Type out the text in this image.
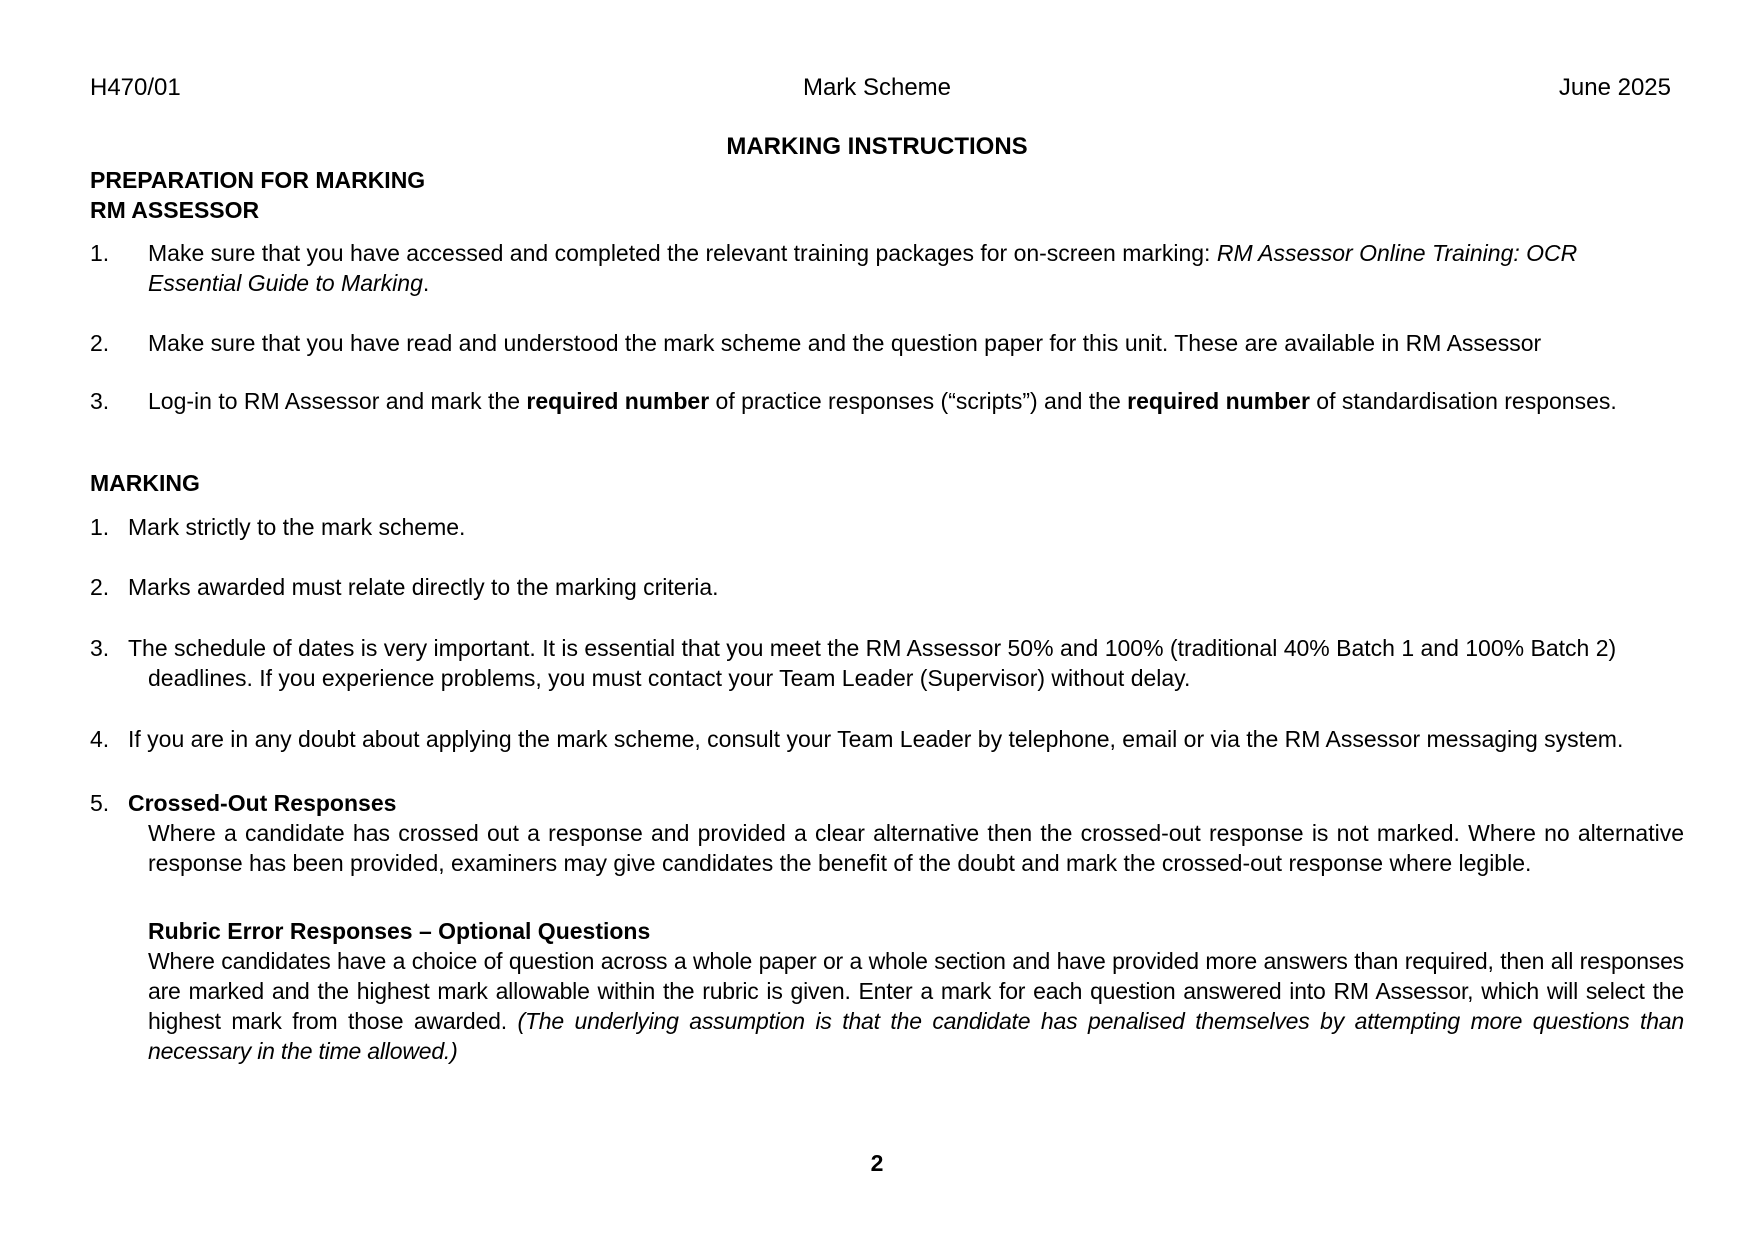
H470/01	Mark Scheme	June 2025
MARKING INSTRUCTIONS
PREPARATION FOR MARKING
RM ASSESSOR
1.	Make sure that you have accessed and completed the relevant training packages for on-screen marking: RM Assessor Online Training: OCR Essential Guide to Marking.
2.	Make sure that you have read and understood the mark scheme and the question paper for this unit. These are available in RM Assessor
3.	Log-in to RM Assessor and mark the required number of practice responses (“scripts”) and the required number of standardisation responses.
MARKING
1. Mark strictly to the mark scheme.
2. Marks awarded must relate directly to the marking criteria.
3. The schedule of dates is very important. It is essential that you meet the RM Assessor 50% and 100% (traditional 40% Batch 1 and 100% Batch 2)
deadlines. If you experience problems, you must contact your Team Leader (Supervisor) without delay.
4. If you are in any doubt about applying the mark scheme, consult your Team Leader by telephone, email or via the RM Assessor messaging system.
5. Crossed-Out Responses
Where a candidate has crossed out a response and provided a clear alternative then the crossed-out response is not marked. Where no alternative response has been provided, examiners may give candidates the benefit of the doubt and mark the crossed-out response where legible.
Rubric Error Responses – Optional Questions
Where candidates have a choice of question across a whole paper or a whole section and have provided more answers than required, then all responses are marked and the highest mark allowable within the rubric is given. Enter a mark for each question answered into RM Assessor, which will select the highest mark from those awarded. (The underlying assumption is that the candidate has penalised themselves by attempting more questions than necessary in the time allowed.)
2
